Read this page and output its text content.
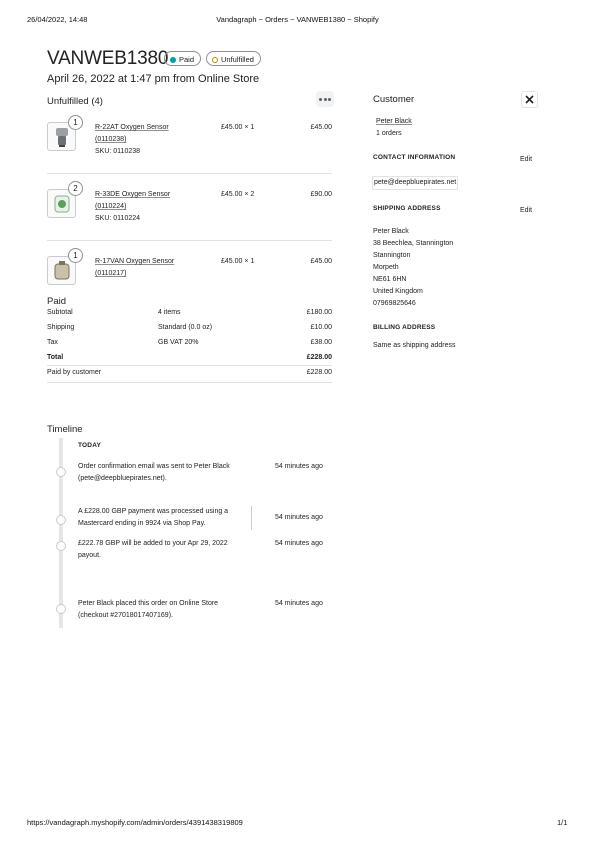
26/04/2022, 14:48	Vandagraph ~ Orders ~ VANWEB1380 ~ Shopify
https://vandagraph.myshopify.com/admin/orders/4391438319809	1/1
VANWEB1380 Paid	Unfulfilled
April 26, 2022 at 1:47 pm from Online Store
Unfulfilled (4)
1
R-22AT Oxygen Sensor
(0110238)
SKU: 0110238
£45.00 × 1	£45.00
2
R-33DE Oxygen Sensor
(0110224)
SKU: 0110224
£45.00 × 2	£90.00
1
R-17VAN Oxygen Sensor
(0110217)
£45.00 × 1	£45.00
Paid
Subtotal	4 items	£180.00
Shipping	Standard (0.0 oz)	£10.00
Tax	GB VAT 20%	£38.00
Total	£228.00
Paid by customer	£228.00
Timeline
TODAY
Order confirmation email was sent to Peter Black
(pete@deepbluepirates.net).
54 minutes ago
A £228.00 GBP payment was processed using a
Mastercard ending in 9924 via Shop Pay.
54 minutes ago
£222.78 GBP will be added to your Apr 29, 2022
payout.
54 minutes ago
Peter Black placed this order on Online Store
(checkout #27018017407169).
54 minutes ago
Customer
Peter Black
1 orders
CONTACT INFORMATION	Edit
pete@deepbluepirates.net
SHIPPING ADDRESS	Edit
Peter Black
38 Beechlea, Stannington
Stannington
Morpeth
NE61 6HN
United Kingdom
07969825646
BILLING ADDRESS
Same as shipping address
